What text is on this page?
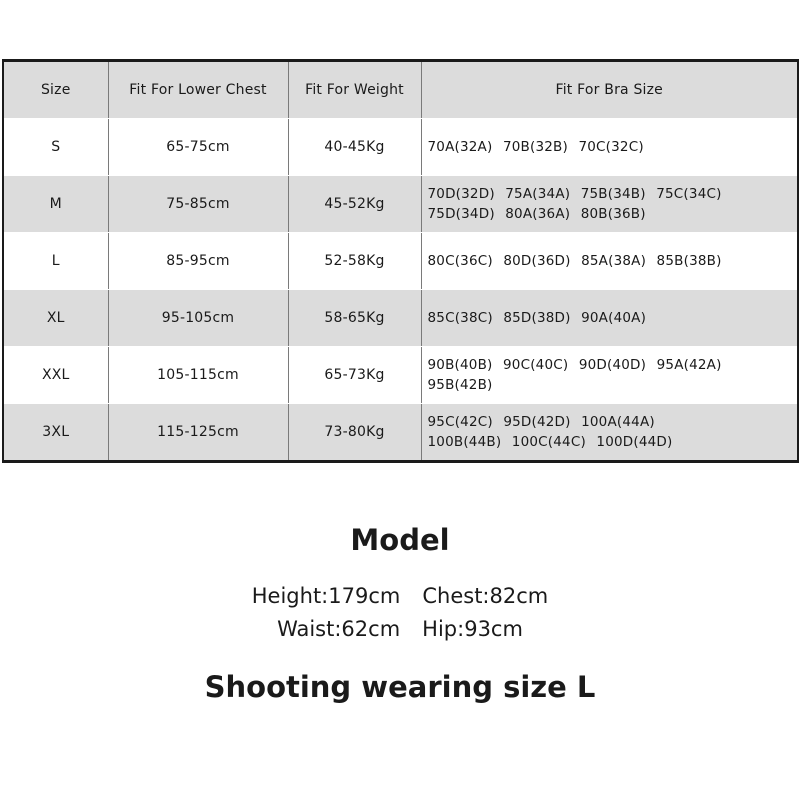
Size	Fit For Lower Chest	Fit For Weight	Fit For Bra Size
S	65-75cm	40-45Kg	70A(32A) 70B(32B) 70C(32C)

M	75-85cm	45-52Kg	70D(32D) 75A(34A) 75B(34B) 75C(34C)
75D(34D) 80A(36A) 80B(36B)

L	85-95cm	52-58Kg	80C(36C) 80D(36D) 85A(38A) 85B(38B)

XL	95-105cm	58-65Kg	85C(38C) 85D(38D) 90A(40A)

XXL	105-115cm	65-73Kg	90B(40B) 90C(40C) 90D(40D) 95A(42A)
95B(42B)

3XL	115-125cm	73-80Kg	95C(42C) 95D(42D) 100A(44A)
100B(44B) 100C(44C) 100D(44D)
Model
Height:179cm Chest:82cm
Waist:62cm Hip:93cm
Shooting wearing size L
